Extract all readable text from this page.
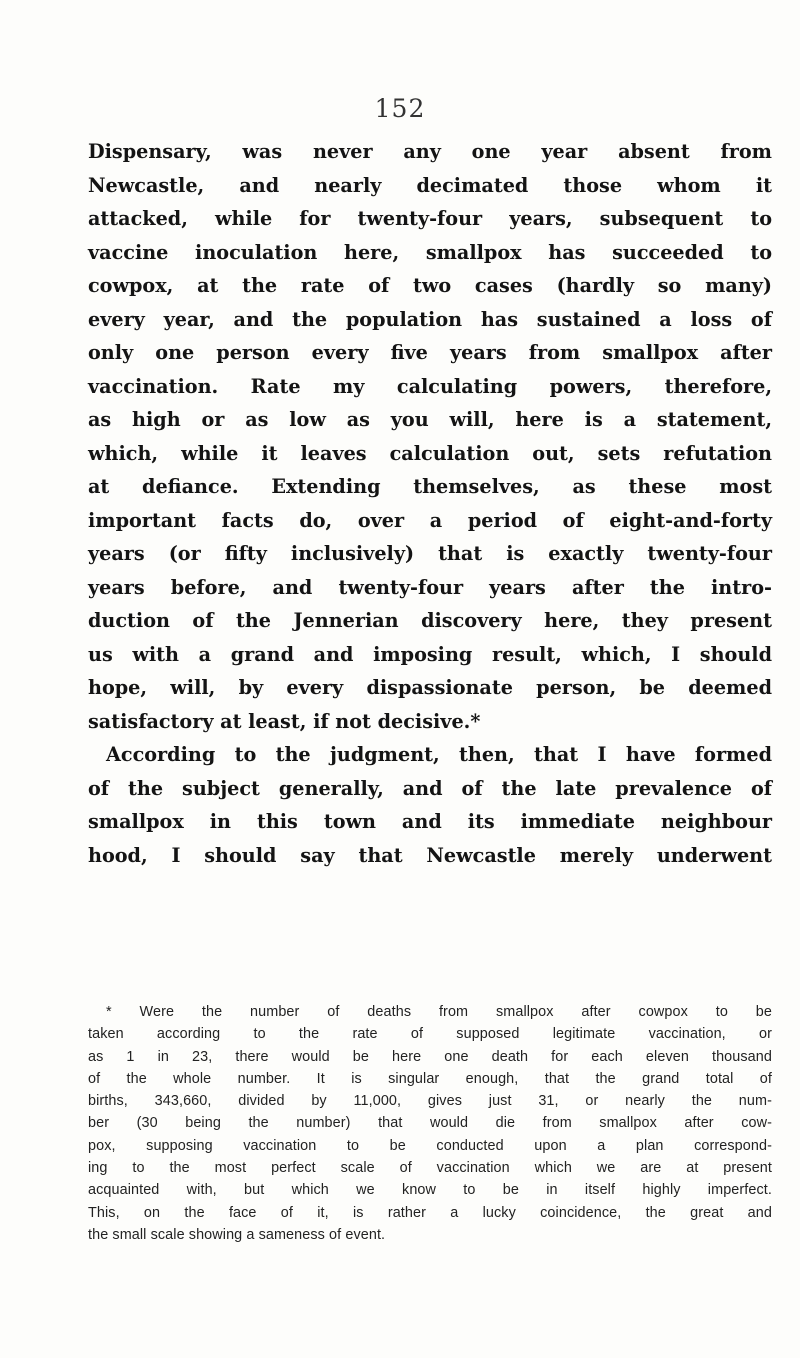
152
Dispensary, was never any one year absent from
Newcastle, and nearly decimated those whom it
attacked, while for twenty-four years, subsequent to
vaccine inoculation here, smallpox has succeeded to
cowpox, at the rate of two cases (hardly so many)
every year, and the population has sustained a loss of
only one person every five years from smallpox after
vaccination. Rate my calculating powers, therefore,
as high or as low as you will, here is a statement,
which, while it leaves calculation out, sets refutation
at defiance. Extending themselves, as these most
important facts do, over a period of eight-and-forty
years (or fifty inclusively) that is exactly twenty-four
years before, and twenty-four years after the intro-
duction of the Jennerian discovery here, they present
us with a grand and imposing result, which, I should
hope, will, by every dispassionate person, be deemed
satisfactory at least, if not decisive.*
According to the judgment, then, that I have formed
of the subject generally, and of the late prevalence of
smallpox in this town and its immediate neighbour
hood, I should say that Newcastle merely underwent
* Were the number of deaths from smallpox after cowpox to be
taken according to the rate of supposed legitimate vaccination, or
as 1 in 23, there would be here one death for each eleven thousand
of the whole number. It is singular enough, that the grand total of
births, 343,660, divided by 11,000, gives just 31, or nearly the num-
ber (30 being the number) that would die from smallpox after cow-
pox, supposing vaccination to be conducted upon a plan correspond-
ing to the most perfect scale of vaccination which we are at present
acquainted with, but which we know to be in itself highly imperfect.
This, on the face of it, is rather a lucky coincidence, the great and
the small scale showing a sameness of event.
